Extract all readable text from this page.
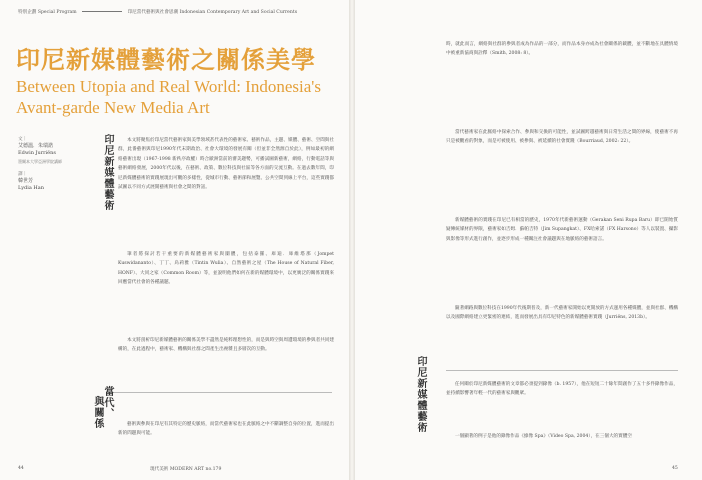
特別企劃 Special Program	印尼當代藝術與社會思潮 Indonesian Contemporary Art and Social Currents
印尼新媒體藝術之關係美學
Between Utopia and Real World: Indonesia's Avant-garde New Media Art
文｜
艾德溫．朱瑞諾
Edwin Jurriëns
墨爾本大學亞洲學院講師
譯｜
韓世芳
Lydia Han	印尼新媒體藝術	本文將聚焦於印尼當代藝術家與美學領域甚代表性的藝術家、藝術作品，主題、媒體、藝術、空間與社群，此番藝術與印尼1990年代末期政治、社會大環境的發展有關（但並非全然源自於此），例如最初的網絡藝術出現（1967-1998 新秩序政權）時合歐洲當前的審美趨勢，可播試圖新藝術，網絡，行動電話等與藝術網絡發展，2000年代以後，在藝術、政策、數位科技與社區等各方面的交流互動。在過去數年間，印尼新媒體藝術的實踐展現出可觀的多樣性，從城市行動、藝術節和展覽、公共空間到線上平台，這些實踐都試圖以不同方式展開藝術與社會之間的對話。
筆者將探討若干重要的新媒體藝術家與團體，包括泰羅、庫迪．庫維塔那（Jompet Kuswidananto）、丁丁、烏莉雅（Tintin Wulia）、自然藝術之屋（The House of Natural Fiber, HONF）、大同之家（Common Room）等，並說明他們如何在新的媒體環境中，以更廣泛的關係實踐來回應當代社會的各種議題。
本文將剖析印尼新媒體藝術的關係美學不盡然是純粹理想性的，而是與時空與周遭環境的參與者共同建構的，在此過程中，藝術家、機構與社群之間產生出複雜且多層次的互動。
與關係 當代、
藝術與參與在印尼有其特定的歷史脈絡，而當代藝術家也在此脈絡之中不斷調整自身的位置，進而提出新的問題與可能。
44	現代美術 MODERN ART no.179
時，就此而言，網絡與社群的參與者成為作品的一部分，而作品本身亦成為社會關係的載體，並不斷地在具體情境中被重新協商與詮釋（Smith, 2008: 8）。
當代藝術家在此脈絡中探索合作、參與和交換的可能性，並試圖跨越藝術與日常生活之間的界線，使藝術不再只是被觀看的對象，而是可被使用、被參與、被延續的社會實踐（Bourriaud, 2002: 22）。
新媒體藝術的實踐在印尼已有相當的歷史，1970年代新藝術運動（Gerakan Seni Rupa Baru）即已開始質疑傳統媒材的界限，藝術家如吉姆．蘇帕吉特（Jim Supangkat）、FX哈索諾（FX Harsono）等人以裝置、攝影與影像等形式進行創作，並逐步形成一種關注社會議題與在地脈絡的藝術語言。
隨著網路與數位科技在1990年代後期普及，新一代藝術家開始以更開放的方式運用各種媒體，並與社群、機構以及國際網絡建立更緊密的連結，進而發展出具有印尼特色的新媒體藝術實踐（Jurriëns, 2013b）。
印尼新媒體藝術	任何關於印尼新媒體藝術的文章都必須提到錄像（b. 1957），他在短短二十餘年間創作了五十多件錄像作品，並持續影響著年輕一代的藝術家與觀眾。
一個顯著的例子是他的錄像作品《綠像 Spa》（Video Spa, 2004），在三個大的實體空
45
